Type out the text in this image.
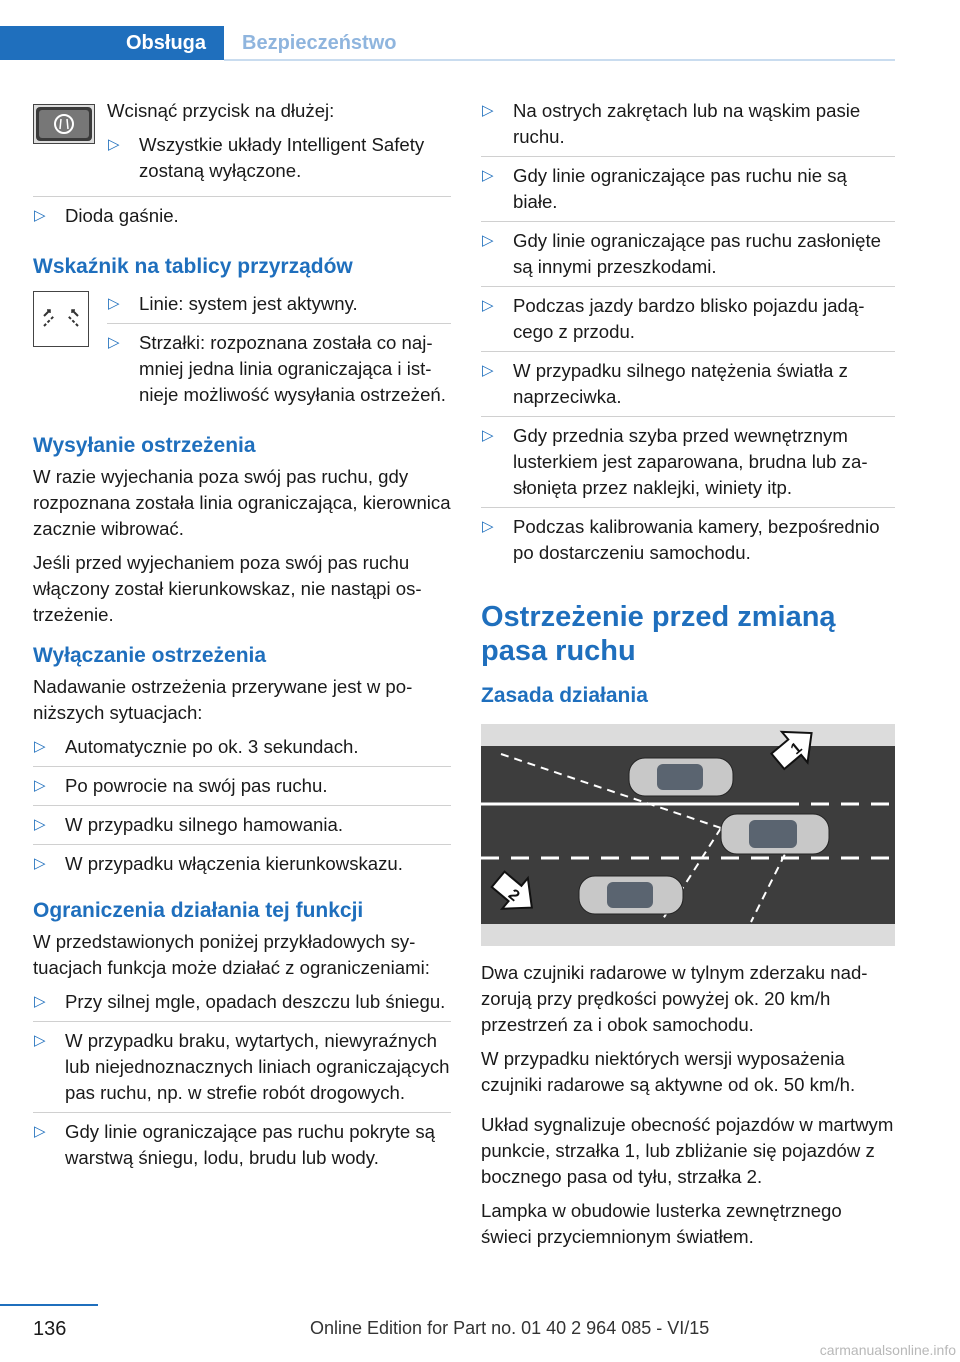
Obsługa Bezpieczeństwo

Wcisnąć przycisk na dłużej:

▷ Wszystkie układy Intelligent Safety zostaną wyłączone.
▷ Dioda gaśnie.
Wskaźnik na tablicy przyrządów
▷ Linie: system jest aktywny.
▷ Strzałki: rozpoznana została co najmniej jedna linia ograniczająca i istnieje możliwość wysyłania ostrzeżeń.
Wysyłanie ostrzeżenia

W razie wyjechania poza swój pas ruchu, gdy rozpoznana została linia ograniczająca, kierownica zacznie wibrować.

Jeśli przed wyjechaniem poza swój pas ruchu włączony został kierunkowskaz, nie nastąpi ostrzeżenie.

Wyłączanie ostrzeżenia

Nadawanie ostrzeżenia przerywane jest w poniższych sytuacjach:

▷ Automatycznie po ok. 3 sekundach.
▷ Po powrocie na swój pas ruchu.
▷ W przypadku silnego hamowania.
▷ W przypadku włączenia kierunkowskazu.
Ograniczenia działania tej funkcji

W przedstawionych poniżej przykładowych sytuacjach funkcja może działać z ograniczeniami:

▷ Przy silnej mgle, opadach deszczu lub śniegu.
▷ W przypadku braku, wytartych, niewyraźnych lub niejednoznacznych liniach ograniczających pas ruchu, np. w strefie robót drogowych.
▷ Gdy linie ograniczające pas ruchu pokryte są warstwą śniegu, lodu, brudu lub wody.
▷ Na ostrych zakrętach lub na wąskim pasie ruchu.
▷ Gdy linie ograniczające pas ruchu nie są białe.
▷ Gdy linie ograniczające pas ruchu zasłonięte są innymi przeszkodami.
▷ Podczas jazdy bardzo blisko pojazdu jadącego z przodu.
▷ W przypadku silnego natężenia światła z naprzeciwka.
▷ Gdy przednia szyba przed wewnętrznym lusterkiem jest zaparowana, brudna lub zasłonięta przez naklejki, winiety itp.
▷ Podczas kalibrowania kamery, bezpośrednio po dostarczeniu samochodu.
Ostrzeżenie przed zmianą pasa ruchu
Zasada działania
1
2

Dwa czujniki radarowe w tylnym zderzaku nadzorują przy prędkości powyżej ok. 20 km/h przestrzeń za i obok samochodu.

W przypadku niektórych wersji wyposażenia czujniki radarowe są aktywne od ok. 50 km/h.

Układ sygnalizuje obecność pojazdów w martwym punkcie, strzałka 1, lub zbliżanie się pojazdów z bocznego pasa od tyłu, strzałka 2.

Lampka w obudowie lusterka zewnętrznego świeci przyciemnionym światłem.

136	Online Edition for Part no. 01 40 2 964 085 - VI/15
carmanualsonline.info
